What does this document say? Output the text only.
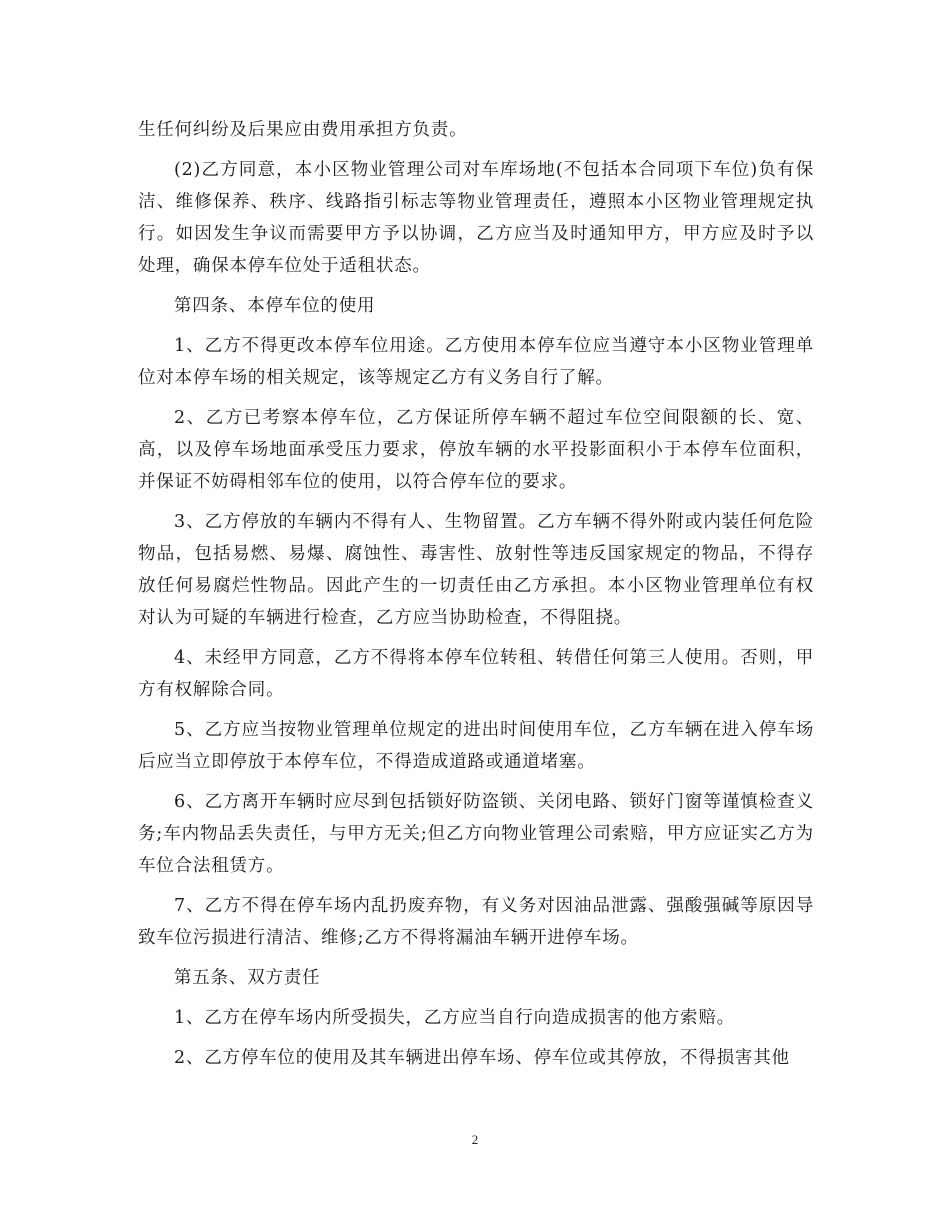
生任何纠纷及后果应由费用承担方负责。

(2)乙方同意，本小区物业管理公司对车库场地(不包括本合同项下车位)负有保洁、维修保养、秩序、线路指引标志等物业管理责任，遵照本小区物业管理规定执行。如因发生争议而需要甲方予以协调，乙方应当及时通知甲方，甲方应及时予以处理，确保本停车位处于适租状态。

第四条、本停车位的使用

1、乙方不得更改本停车位用途。乙方使用本停车位应当遵守本小区物业管理单位对本停车场的相关规定，该等规定乙方有义务自行了解。

2、乙方已考察本停车位，乙方保证所停车辆不超过车位空间限额的长、宽、高，以及停车场地面承受压力要求，停放车辆的水平投影面积小于本停车位面积，并保证不妨碍相邻车位的使用，以符合停车位的要求。

3、乙方停放的车辆内不得有人、生物留置。乙方车辆不得外附或内装任何危险物品，包括易燃、易爆、腐蚀性、毒害性、放射性等违反国家规定的物品，不得存放任何易腐烂性物品。因此产生的一切责任由乙方承担。本小区物业管理单位有权对认为可疑的车辆进行检查，乙方应当协助检查，不得阻挠。

4、未经甲方同意，乙方不得将本停车位转租、转借任何第三人使用。否则，甲方有权解除合同。

5、乙方应当按物业管理单位规定的进出时间使用车位，乙方车辆在进入停车场后应当立即停放于本停车位，不得造成道路或通道堵塞。

6、乙方离开车辆时应尽到包括锁好防盗锁、关闭电路、锁好门窗等谨慎检查义务;车内物品丢失责任，与甲方无关;但乙方向物业管理公司索赔，甲方应证实乙方为车位合法租赁方。

7、乙方不得在停车场内乱扔废弃物，有义务对因油品泄露、强酸强碱等原因导致车位污损进行清洁、维修;乙方不得将漏油车辆开进停车场。

第五条、双方责任

1、乙方在停车场内所受损失，乙方应当自行向造成损害的他方索赔。

2、乙方停车位的使用及其车辆进出停车场、停车位或其停放，不得损害其他

2
